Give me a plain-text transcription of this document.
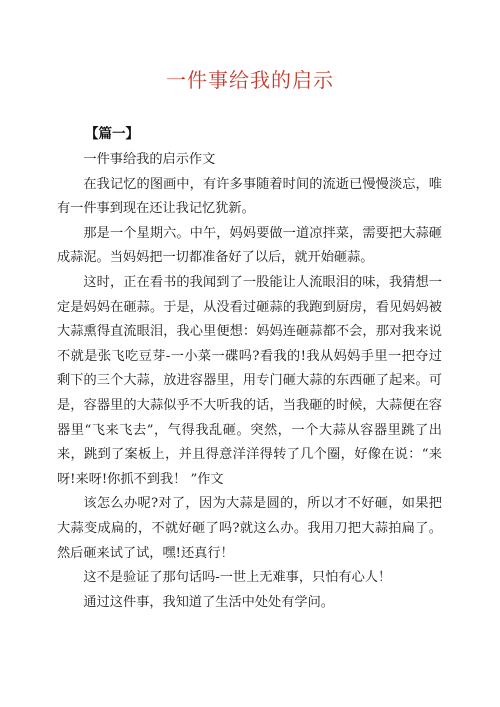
一件事给我的启示
【篇一】

一件事给我的启示作文

在我记忆的图画中，有许多事随着时间的流逝已慢慢淡忘，唯有一件事到现在还让我记忆犹新。

那是一个星期六。中午，妈妈要做一道凉拌菜，需要把大蒜砸成蒜泥。当妈妈把一切都准备好了以后，就开始砸蒜。

这时，正在看书的我闻到了一股能让人流眼泪的味，我猜想一定是妈妈在砸蒜。于是，从没看过砸蒜的我跑到厨房，看见妈妈被大蒜熏得直流眼泪，我心里便想：妈妈连砸蒜都不会，那对我来说不就是张飞吃豆芽-一小菜一碟吗?看我的!我从妈妈手里一把夺过剩下的三个大蒜，放进容器里，用专门砸大蒜的东西砸了起来。可是，容器里的大蒜似乎不大听我的话，当我砸的时候，大蒜便在容器里“飞来飞去”，气得我乱砸。突然，一个大蒜从容器里跳了出来，跳到了案板上，并且得意洋洋得转了几个圈，好像在说：“来呀!来呀!你抓不到我！ ”作文

该怎么办呢?对了，因为大蒜是圆的，所以才不好砸，如果把大蒜变成扁的，不就好砸了吗?就这么办。我用刀把大蒜拍扁了。然后砸来试了试，嘿!还真行！

这不是验证了那句话吗-一世上无难事，只怕有心人！

通过这件事，我知道了生活中处处有学问。
